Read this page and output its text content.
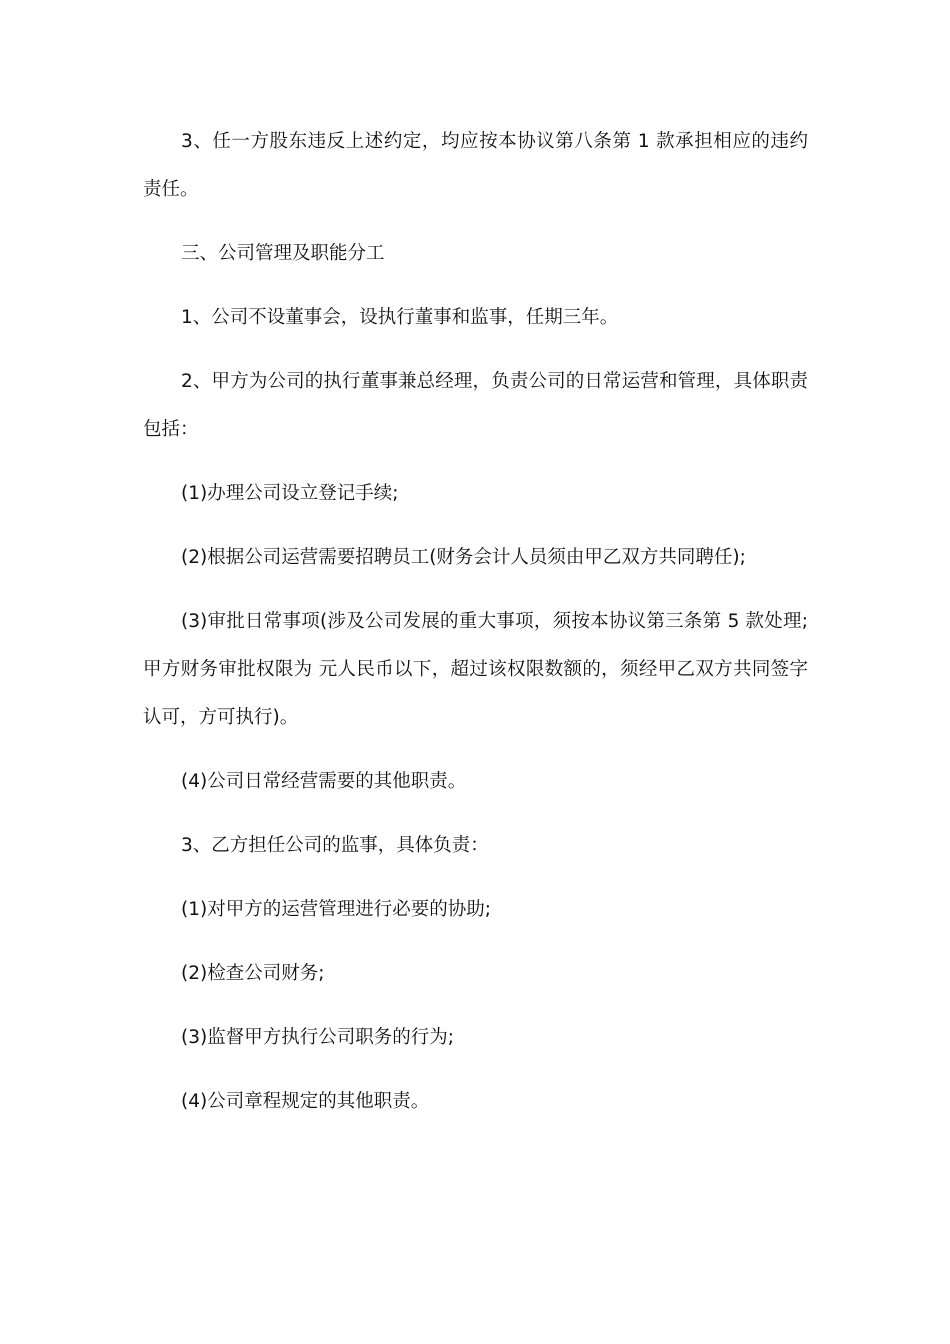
3、任一方股东违反上述约定，均应按本协议第八条第 1 款承担相应的违约责任。

三、公司管理及职能分工

1、公司不设董事会，设执行董事和监事，任期三年。

2、甲方为公司的执行董事兼总经理，负责公司的日常运营和管理，具体职责包括：

(1)办理公司设立登记手续;

(2)根据公司运营需要招聘员工(财务会计人员须由甲乙双方共同聘任);

(3)审批日常事项(涉及公司发展的重大事项，须按本协议第三条第 5 款处理;甲方财务审批权限为 元人民币以下，超过该权限数额的，须经甲乙双方共同签字认可，方可执行)。

(4)公司日常经营需要的其他职责。

3、乙方担任公司的监事，具体负责：

(1)对甲方的运营管理进行必要的协助;

(2)检查公司财务;

(3)监督甲方执行公司职务的行为;

(4)公司章程规定的其他职责。
